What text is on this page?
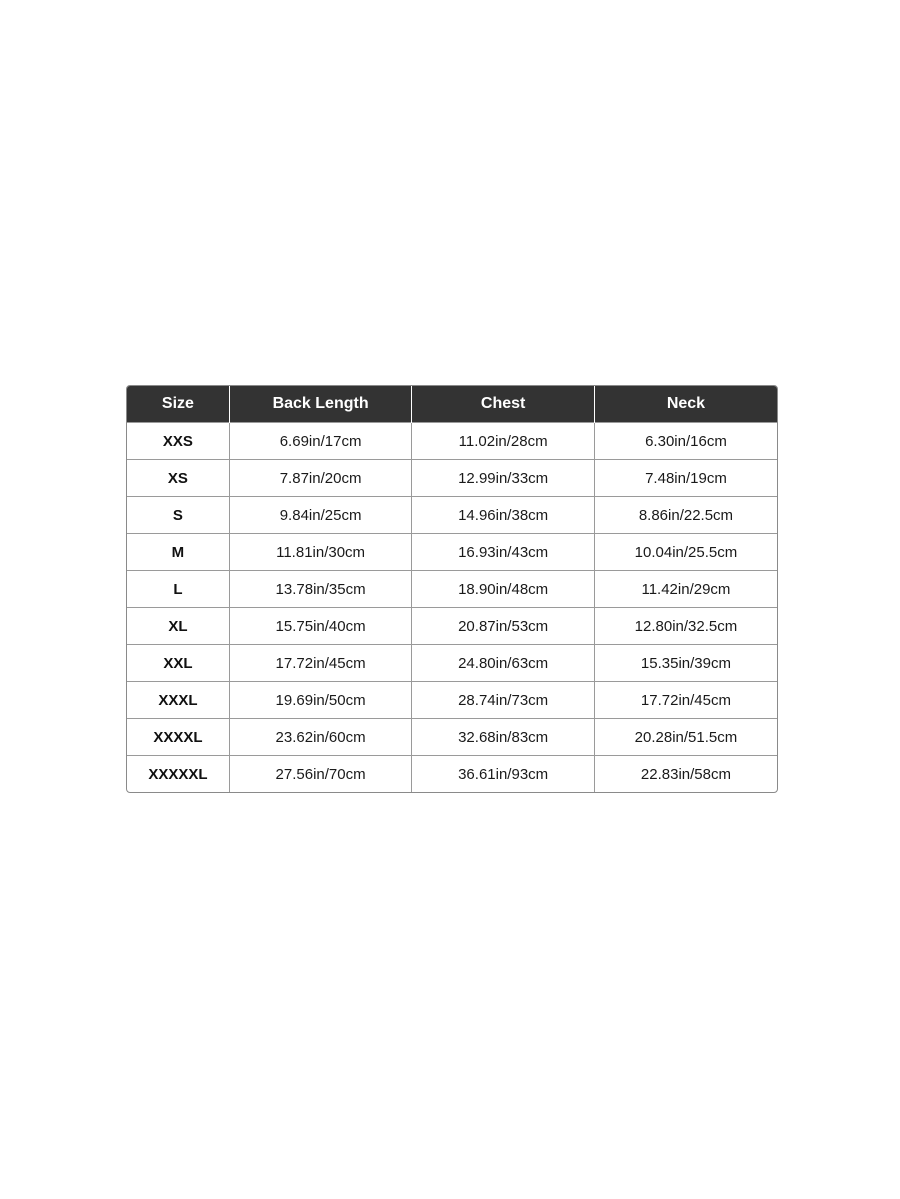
Size	Back Length	Chest	Neck
XXS	6.69in/17cm	11.02in/28cm	6.30in/16cm
XS	7.87in/20cm	12.99in/33cm	7.48in/19cm
S	9.84in/25cm	14.96in/38cm	8.86in/22.5cm
M	11.81in/30cm	16.93in/43cm	10.04in/25.5cm
L	13.78in/35cm	18.90in/48cm	11.42in/29cm
XL	15.75in/40cm	20.87in/53cm	12.80in/32.5cm
XXL	17.72in/45cm	24.80in/63cm	15.35in/39cm
XXXL	19.69in/50cm	28.74in/73cm	17.72in/45cm
XXXXL	23.62in/60cm	32.68in/83cm	20.28in/51.5cm
XXXXXL	27.56in/70cm	36.61in/93cm	22.83in/58cm
